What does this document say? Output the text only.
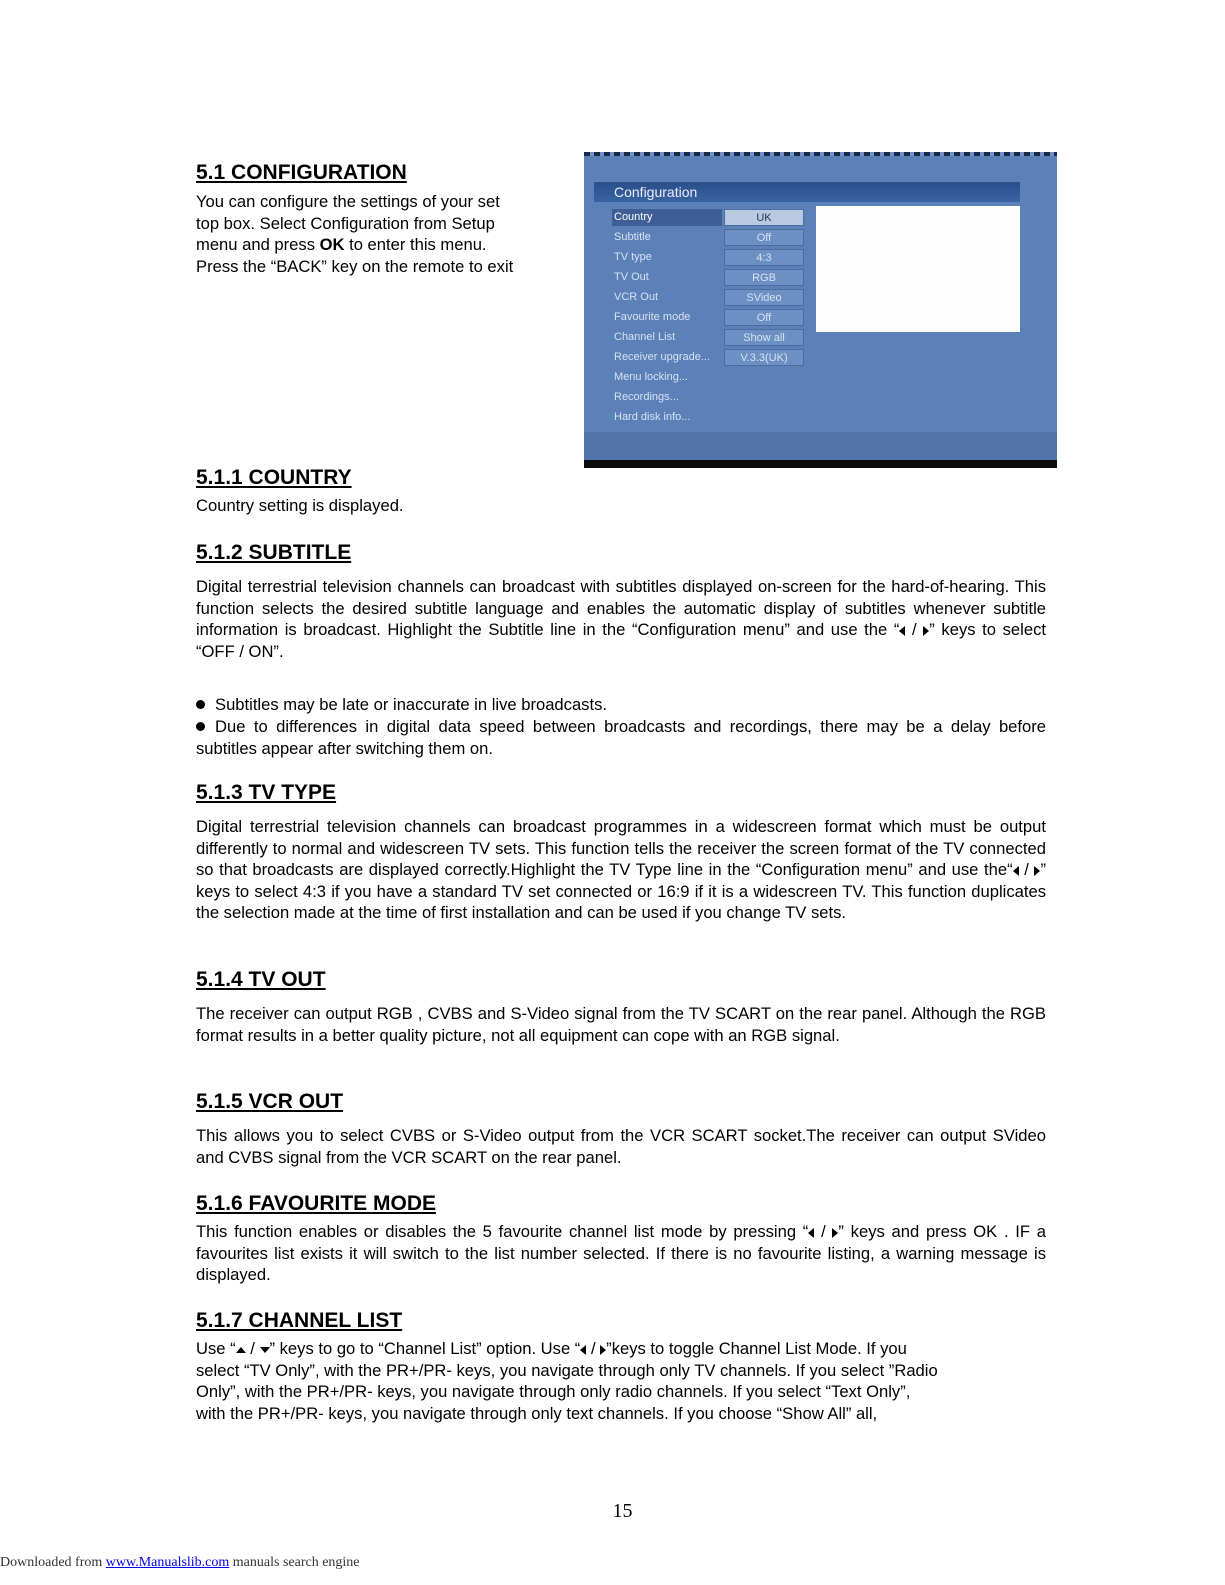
5.1 CONFIGURATION
You can configure the settings of your set
top box. Select Configuration from Setup
menu and press OK to enter this menu.
Press the “BACK” key on the remote to exit
Configuration
Country	UK
Subtitle	Off
TV type	4:3
TV Out	RGB
VCR Out	SVideo
Favourite mode	Off
Channel List	Show all
Receiver upgrade...	V.3.3(UK)
Menu locking...
Recordings...
Hard disk info...
5.1.1 COUNTRY

Country setting is displayed.

5.1.2 SUBTITLE

Digital terrestrial television channels can broadcast with subtitles displayed on-screen for the hard-of-hearing. This function selects the desired subtitle language and enables the automatic display of subtitles whenever subtitle information is broadcast. Highlight the Subtitle line in the “Configuration menu” and use the “ / ” keys to select “OFF / ON”.

Subtitles may be late or inaccurate in live broadcasts.

Due to differences in digital data speed between broadcasts and recordings, there may be a delay before subtitles appear after switching them on.

5.1.3 TV TYPE

Digital terrestrial television channels can broadcast programmes in a widescreen format which must be output differently to normal and widescreen TV sets. This function tells the receiver the screen format of the TV connected so that broadcasts are displayed correctly.Highlight the TV Type line in the “Configuration menu” and use the“ / ” keys to select 4:3 if you have a standard TV set connected or 16:9 if it is a widescreen TV. This function duplicates the selection made at the time of first installation and can be used if you change TV sets.

5.1.4 TV OUT

The receiver can output RGB , CVBS and S-Video signal from the TV SCART on the rear panel. Although the RGB format results in a better quality picture, not all equipment can cope with an RGB signal.

5.1.5 VCR OUT

This allows you to select CVBS or S-Video output from the VCR SCART socket.The receiver can output SVideo and CVBS signal from the VCR SCART on the rear panel.

5.1.6 FAVOURITE MODE

This function enables or disables the 5 favourite channel list mode by pressing “ / ” keys and press OK . IF a favourites list exists it will switch to the list number selected. If there is no favourite listing, a warning message is displayed.

5.1.7 CHANNEL LIST
Use “ / ” keys to go to “Channel List” option. Use “ / ”keys to toggle Channel List Mode. If you
select “TV Only”, with the PR+/PR- keys, you navigate through only TV channels. If you select ”Radio
Only”, with the PR+/PR- keys, you navigate through only radio channels. If you select “Text Only”,
with the PR+/PR- keys, you navigate through only text channels. If you choose “Show All” all,
15
Downloaded from www.Manualslib.com manuals search engine
